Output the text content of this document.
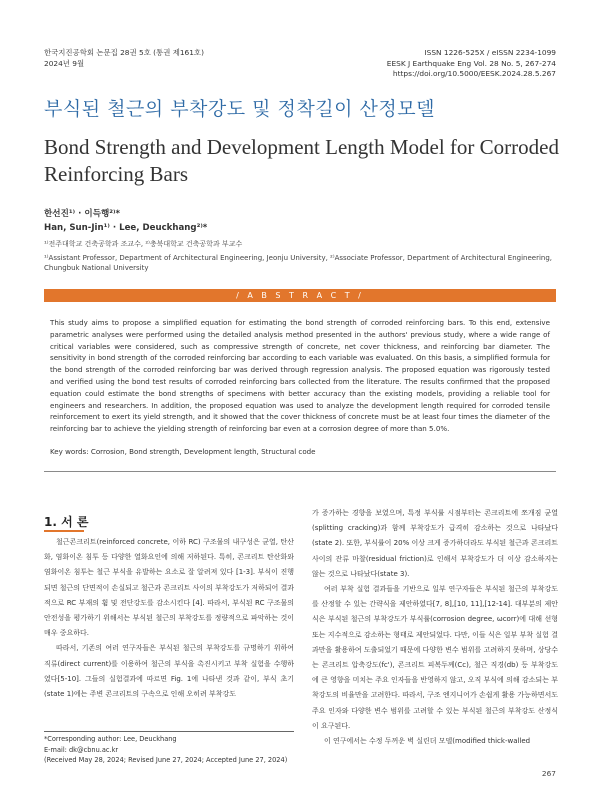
한국지진공학회 논문집 28권 5호 (통권 제161호)
2024년 9월
ISSN 1226-525X / eISSN 2234-1099
EESK J Earthquake Eng Vol. 28 No. 5, 267-274
https://doi.org/10.5000/EESK.2024.28.5.267
부식된 철근의 부착강도 및 정착길이 산정모델
Bond Strength and Development Length Model for Corroded Reinforcing Bars
한선진¹⁾ · 이득행²⁾*
Han, Sun-Jin¹⁾ · Lee, Deuckhang²⁾*
¹⁾전주대학교 건축공학과 조교수, ²⁾충북대학교 건축공학과 부교수
¹⁾Assistant Professor, Department of Architectural Engineering, Jeonju University, ²⁾Associate Professor, Department of Architectural Engineering, Chungbuk National University
/ A B S T R A C T /
This study aims to propose a simplified equation for estimating the bond strength of corroded reinforcing bars. To this end, extensive parametric analyses were performed using the detailed analysis method presented in the authors' previous study, where a wide range of critical variables were considered, such as compressive strength of concrete, net cover thickness, and reinforcing bar diameter. The sensitivity in bond strength of the corroded reinforcing bar according to each variable was evaluated. On this basis, a simplified formula for the bond strength of the corroded reinforcing bar was derived through regression analysis. The proposed equation was rigorously tested and verified using the bond test results of corroded reinforcing bars collected from the literature. The results confirmed that the proposed equation could estimate the bond strengths of specimens with better accuracy than the existing models, providing a reliable tool for engineers and researchers. In addition, the proposed equation was used to analyze the development length required for corroded tensile reinforcement to exert its yield strength, and it showed that the cover thickness of concrete must be at least four times the diameter of the reinforcing bar to achieve the yielding strength of reinforcing bar even at a corrosion degree of more than 5.0%.
Key words: Corrosion, Bond strength, Development length, Structural code
1. 서 론

철근콘크리트(reinforced concrete, 이하 RC) 구조물의 내구성은 균열, 탄산화, 염화이온 침투 등 다양한 열화요인에 의해 저하된다. 특히, 콘크리트 탄산화와 염화이온 침투는 철근 부식을 유발하는 요소로 잘 알려져 있다 [1-3]. 부식이 진행되면 철근의 단면적이 손실되고 철근과 콘크리트 사이의 부착강도가 저하되어 결과적으로 RC 부재의 휨 및 전단강도를 감소시킨다 [4]. 따라서, 부식된 RC 구조물의 안전성을 평가하기 위해서는 부식된 철근의 부착강도를 정량적으로 파악하는 것이 매우 중요하다.

따라서, 기존의 여러 연구자들은 부식된 철근의 부착강도를 규명하기 위하여 직류(direct current)를 이용하여 철근의 부식을 촉진시키고 부착 실험을 수행하였다[5-10]. 그들의 실험결과에 따르면 Fig. 1에 나타낸 것과 같이, 부식 초기(state 1)에는 주변 콘크리트의 구속으로 인해 오히려 부착강도

가 증가하는 경향을 보였으며, 특정 부식률 시점부터는 콘크리트에 쪼개짐 균열(splitting cracking)과 함께 부착강도가 급격히 감소하는 것으로 나타났다(state 2). 또한, 부식률이 20% 이상 크게 증가하더라도 부식된 철근과 콘크리트 사이의 잔류 마찰(residual friction)로 인해서 부착강도가 더 이상 감소하지는 않는 것으로 나타났다(state 3).

여러 부착 실험 결과들을 기반으로 일부 연구자들은 부식된 철근의 부착강도를 산정할 수 있는 간략식을 제안하였다[7, 8],[10, 11],[12-14]. 대부분의 제안식은 부식된 철근의 부착강도가 부식률(corrosion degree, ωcorr)에 대해 선형 또는 지수적으로 감소하는 형태로 제안되었다. 다만, 이들 식은 일부 부착 실험 결과만을 활용하여 도출되었기 때문에 다양한 변수 범위를 고려하지 못하며, 상당수는 콘크리트 압축강도(fc'), 콘크리트 피복두께(Cc), 철근 직경(db) 등 부착강도에 큰 영향을 미치는 주요 인자들을 반영하지 않고, 오직 부식에 의해 감소되는 부착강도의 비율만을 고려한다. 따라서, 구조 엔지니어가 손쉽게 활용 가능하면서도 주요 인자와 다양한 변수 범위를 고려할 수 있는 부식된 철근의 부착강도 산정식이 요구된다.

이 연구에서는 수정 두꺼운 벽 실린더 모델(modified thick-walled

*Corresponding author: Lee, Deuckhang
E-mail: dk@cbnu.ac.kr
(Received May 28, 2024; Revised June 27, 2024; Accepted June 27, 2024)
267
